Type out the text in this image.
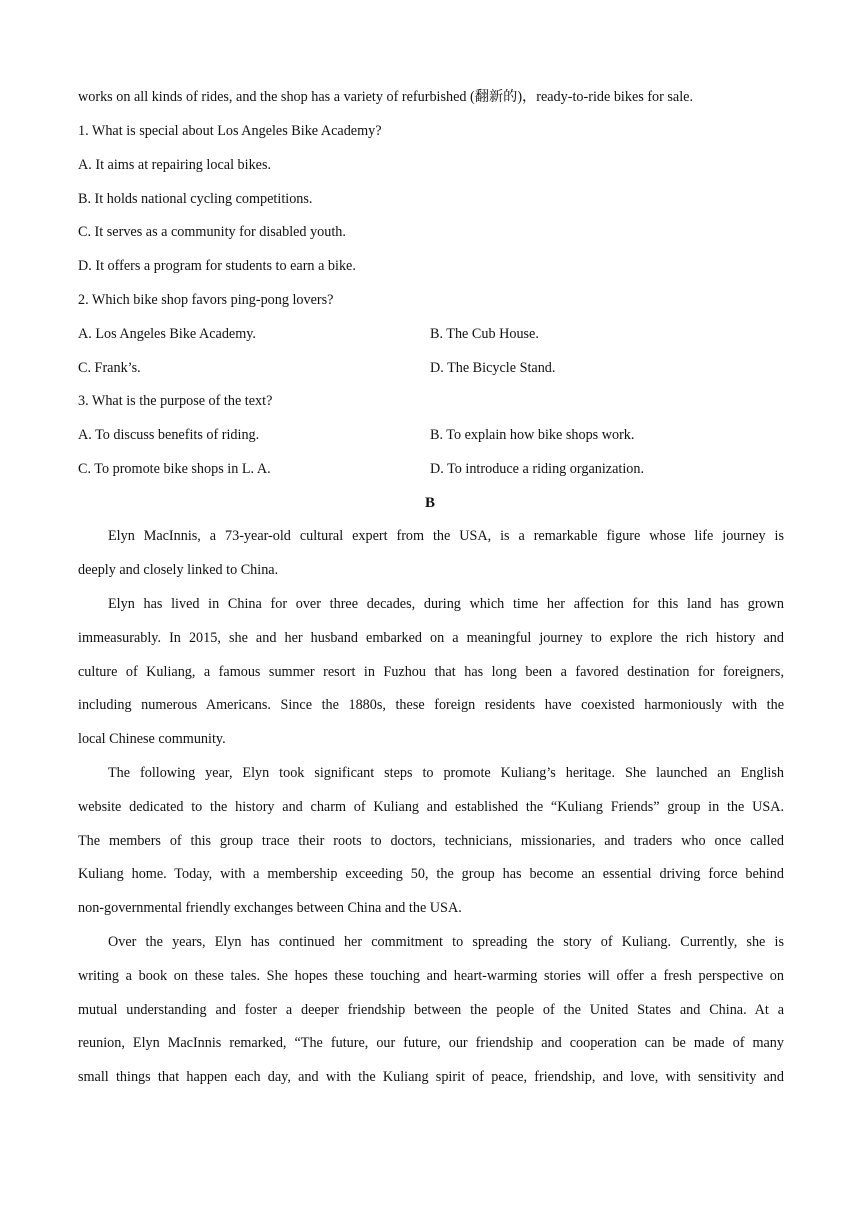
works on all kinds of rides, and the shop has a variety of refurbished (翻新的)，ready-to-ride bikes for sale.
1. What is special about Los Angeles Bike Academy?
A. It aims at repairing local bikes.
B. It holds national cycling competitions.
C. It serves as a community for disabled youth.
D. It offers a program for students to earn a bike.
2. Which bike shop favors ping-pong lovers?
A. Los Angeles Bike Academy.	B. The Cub House.
C. Frank’s.	D. The Bicycle Stand.
3. What is the purpose of the text?
A. To discuss benefits of riding.	B. To explain how bike shops work.
C. To promote bike shops in L. A.	D. To introduce a riding organization.
B
Elyn MacInnis, a 73-year-old cultural expert from the USA, is a remarkable figure whose life journey is
deeply and closely linked to China.
Elyn has lived in China for over three decades, during which time her affection for this land has grown
immeasurably. In 2015, she and her husband embarked on a meaningful journey to explore the rich history and
culture of Kuliang, a famous summer resort in Fuzhou that has long been a favored destination for foreigners,
including numerous Americans. Since the 1880s, these foreign residents have coexisted harmoniously with the
local Chinese community.
The following year, Elyn took significant steps to promote Kuliang’s heritage. She launched an English
website dedicated to the history and charm of Kuliang and established the “Kuliang Friends” group in the USA.
The members of this group trace their roots to doctors, technicians, missionaries, and traders who once called
Kuliang home. Today, with a membership exceeding 50, the group has become an essential driving force behind
non-governmental friendly exchanges between China and the USA.
Over the years, Elyn has continued her commitment to spreading the story of Kuliang. Currently, she is
writing a book on these tales. She hopes these touching and heart-warming stories will offer a fresh perspective on
mutual understanding and foster a deeper friendship between the people of the United States and China. At a
reunion, Elyn MacInnis remarked, “The future, our future, our friendship and cooperation can be made of many
small things that happen each day, and with the Kuliang spirit of peace, friendship, and love, with sensitivity and
